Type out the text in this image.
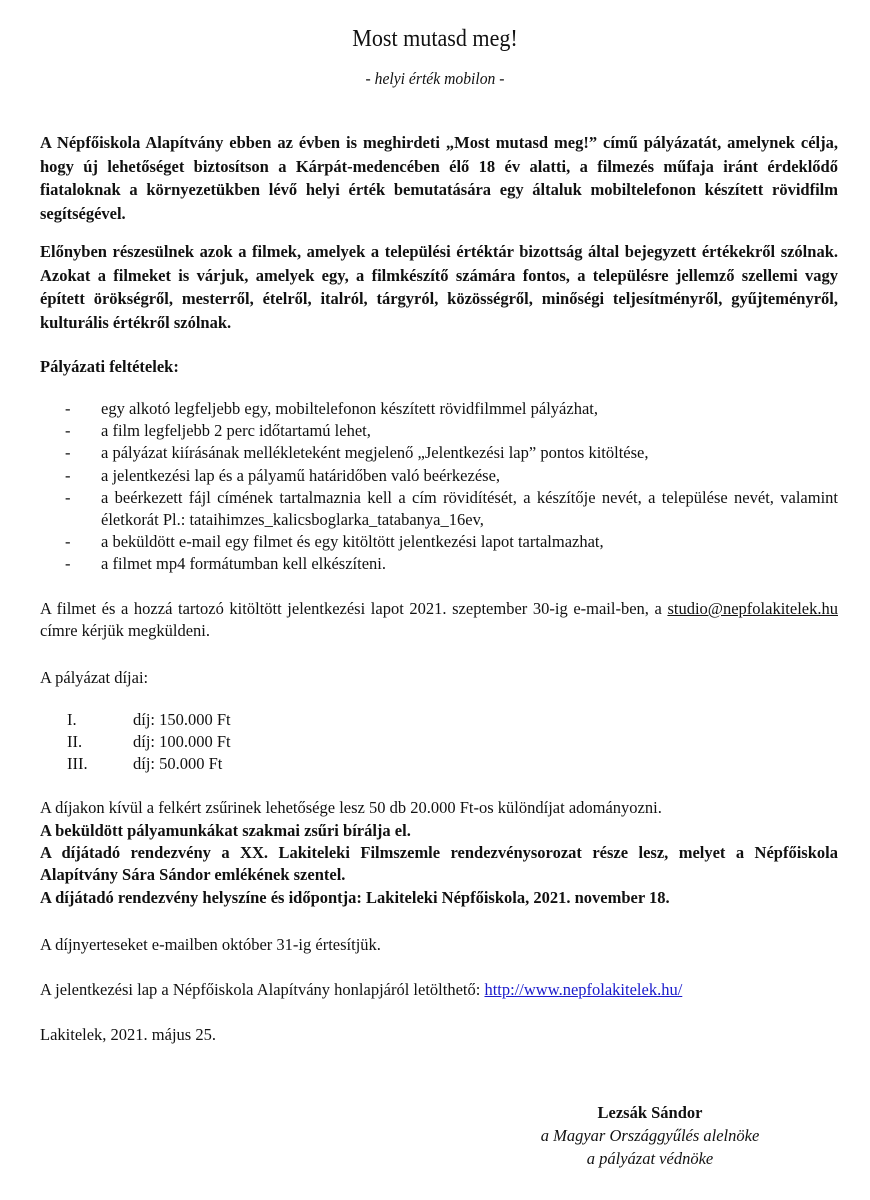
Most mutasd meg!
- helyi érték mobilon -

A Népfőiskola Alapítvány ebben az évben is meghirdeti „Most mutasd meg!” című pályázatát, amelynek célja, hogy új lehetőséget biztosítson a Kárpát-medencében élő 18 év alatti, a filmezés műfaja iránt érdeklődő fiataloknak a környezetükben lévő helyi érték bemutatására egy általuk mobiltelefonon készített rövidfilm segítségével.

Előnyben részesülnek azok a filmek, amelyek a települési értéktár bizottság által bejegyzett értékekről szólnak. Azokat a filmeket is várjuk, amelyek egy, a filmkészítő számára fontos, a településre jellemző szellemi vagy épített örökségről, mesterről, ételről, italról, tárgyról, közösségről, minőségi teljesítményről, gyűjteményről, kulturális értékről szólnak.

Pályázati feltételek:

- egy alkotó legfeljebb egy, mobiltelefonon készített rövidfilmmel pályázhat,
- a film legfeljebb 2 perc időtartamú lehet,
- a pályázat kiírásának mellékleteként megjelenő „Jelentkezési lap” pontos kitöltése,
- a jelentkezési lap és a pályamű határidőben való beérkezése,
- a beérkezett fájl címének tartalmaznia kell a cím rövidítését, a készítője nevét, a települése nevét, valamint életkorát Pl.: tataihimzes_kalicsboglarka_tatabanya_16ev,
- a beküldött e-mail egy filmet és egy kitöltött jelentkezési lapot tartalmazhat,
- a filmet mp4 formátumban kell elkészíteni.

A filmet és a hozzá tartozó kitöltött jelentkezési lapot 2021. szeptember 30-ig e-mail-ben, a studio@nepfolakitelek.hu címre kérjük megküldeni.

A pályázat díjai:

I.	díj: 150.000 Ft
II.	díj: 100.000 Ft
III.	díj: 50.000 Ft

A díjakon kívül a felkért zsűrinek lehetősége lesz 50 db 20.000 Ft-os különdíjat adományozni.

A beküldött pályamunkákat szakmai zsűri bírálja el.

A díjátadó rendezvény a XX. Lakiteleki Filmszemle rendezvénysorozat része lesz, melyet a Népfőiskola Alapítvány Sára Sándor emlékének szentel.

A díjátadó rendezvény helyszíne és időpontja: Lakiteleki Népfőiskola, 2021. november 18.

A díjnyerteseket e-mailben október 31-ig értesítjük.

A jelentkezési lap a Népfőiskola Alapítvány honlapjáról letölthető: http://www.nepfolakitelek.hu/

Lakitelek, 2021. május 25.

Lezsák Sándor
a Magyar Országgyűlés alelnöke
a pályázat védnöke
